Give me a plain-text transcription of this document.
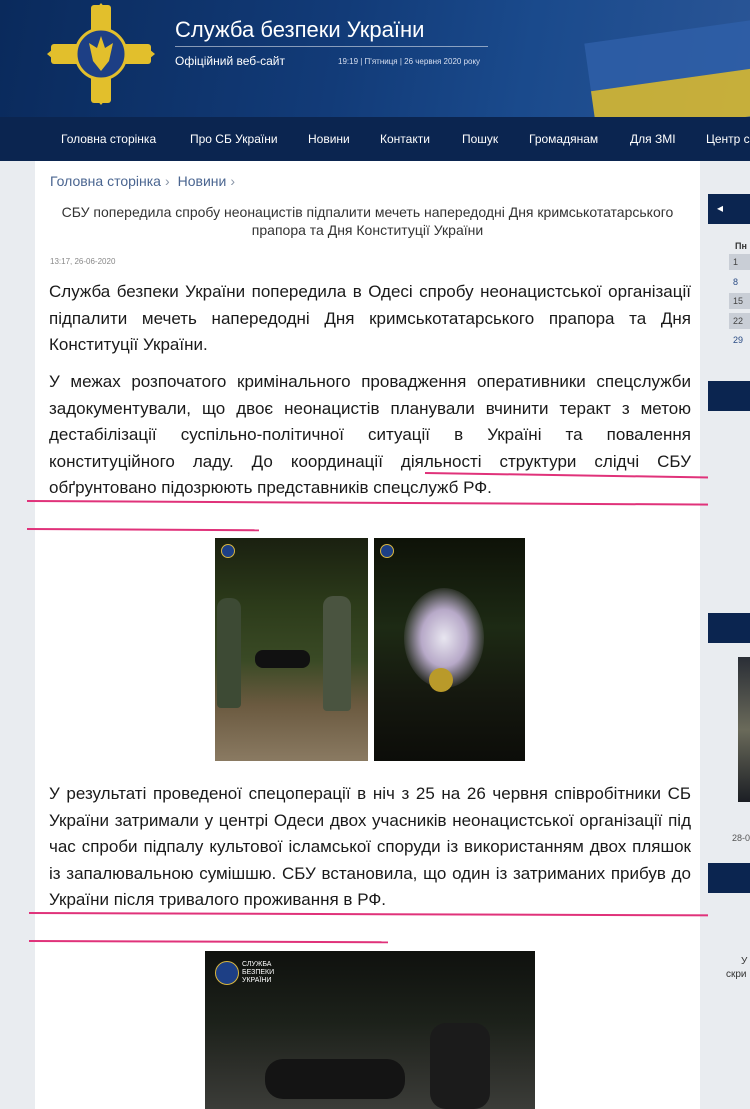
Служба безпеки України
Офіційний веб-сайт	19:19 | П'ятниця | 26 червня 2020 року
Головна сторінка	Про СБ України	Новини	Контакти	Пошук	Громадянам	Для ЗМІ	Центр с
Головна сторінка › Новини ›
СБУ попередила спробу неонацистів підпалити мечеть напередодні Дня кримськотатарського прапора та Дня Конституції України
13:17, 26-06-2020
Служба безпеки України попередила в Одесі спробу неонацистської організації підпалити мечеть напередодні Дня кримськотатарського прапора та Дня Конституції України.
У межах розпочатого кримінального провадження оперативники спецслужби задокументували, що двоє неонацистів планували вчинити теракт з метою дестабілізації суспільно-політичної ситуації в Україні та повалення конституційного ладу. До координації діяльності структури слідчі СБУ обґрунтовано підозрюють представників спецслужб РФ.
У результаті проведеної спецоперації в ніч з 25 на 26 червня співробітники СБ України затримали у центрі Одеси двох учасників неонацистської організації під час спроби підпалу культової ісламської споруди із використанням двох пляшок із запалювальною сумішшю. СБУ встановила, що один із затриманих прибув до України після тривалого проживання в РФ.
СЛУЖБА БЕЗПЕКИ УКРАЇНИ
◂
Пн
1
8
15
22
29
28-0
У
скри
